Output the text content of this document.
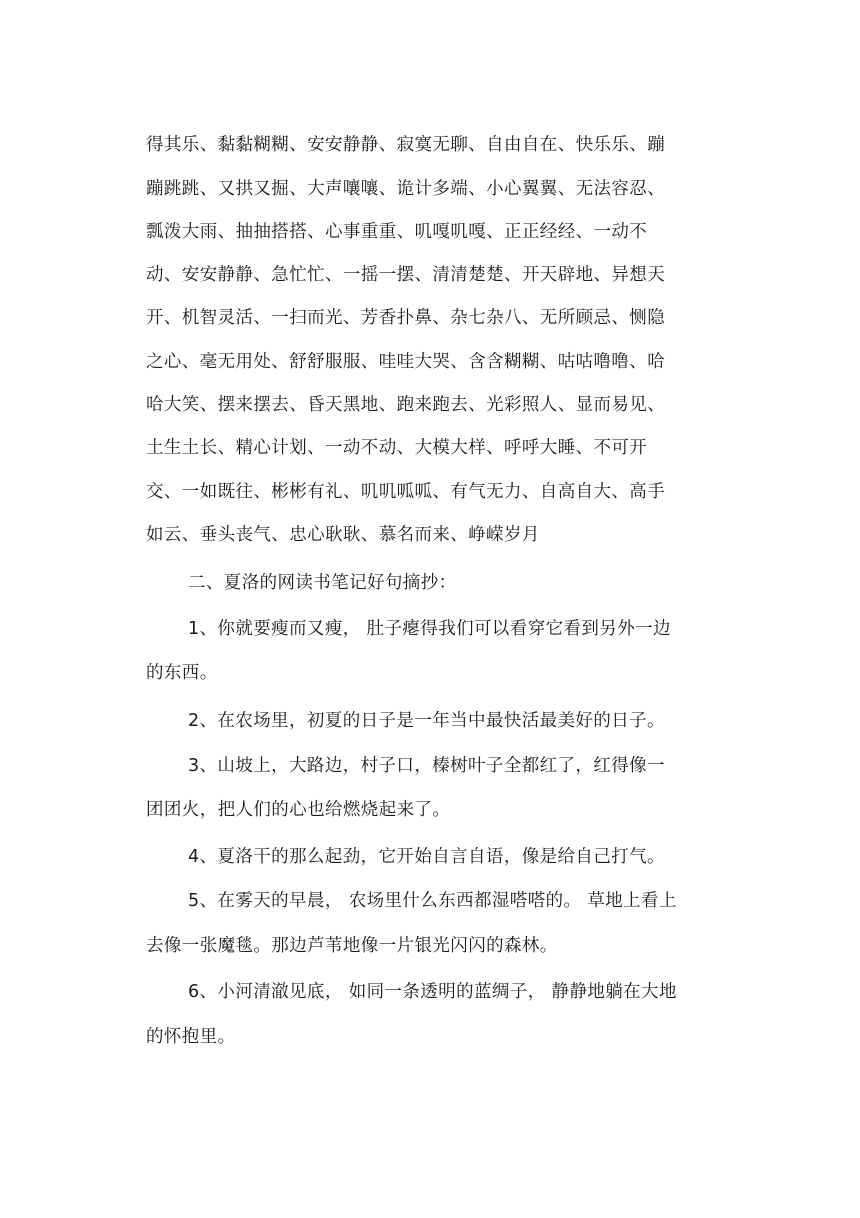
得其乐、黏黏糊糊、安安静静、寂寞无聊、自由自在、快乐乐、蹦
蹦跳跳、又拱又掘、大声嚷嚷、诡计多端、小心翼翼、无法容忍、
瓢泼大雨、抽抽搭搭、心事重重、叽嘎叽嘎、正正经经、一动不
动、安安静静、急忙忙、一摇一摆、清清楚楚、开天辟地、异想天
开、机智灵活、一扫而光、芳香扑鼻、杂七杂八、无所顾忌、恻隐
之心、毫无用处、舒舒服服、哇哇大哭、含含糊糊、咕咕噜噜、哈
哈大笑、摆来摆去、昏天黑地、跑来跑去、光彩照人、显而易见、
土生土长、精心计划、一动不动、大模大样、呼呼大睡、不可开
交、一如既往、彬彬有礼、叽叽呱呱、有气无力、自高自大、高手
如云、垂头丧气、忠心耿耿、慕名而来、峥嵘岁月
二、夏洛的网读书笔记好句摘抄：
1、你就要瘦而又瘦， 肚子瘪得我们可以看穿它看到另外一边
的东西。
2、在农场里，初夏的日子是一年当中最快活最美好的日子。
3、山坡上，大路边，村子口，榛树叶子全都红了，红得像一
团团火，把人们的心也给燃烧起来了。
4、夏洛干的那么起劲，它开始自言自语，像是给自己打气。
5、在雾天的早晨， 农场里什么东西都湿嗒嗒的。 草地上看上
去像一张魔毯。那边芦苇地像一片银光闪闪的森林。
6、小河清澈见底， 如同一条透明的蓝绸子， 静静地躺在大地
的怀抱里。
